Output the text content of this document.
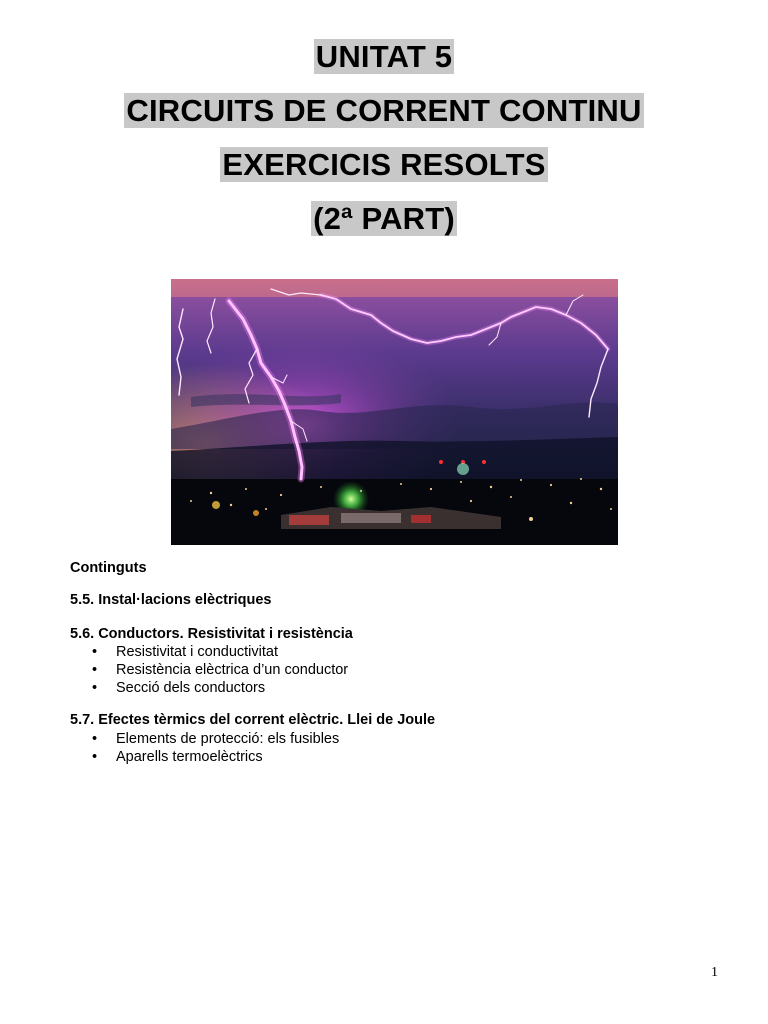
UNITAT 5
CIRCUITS DE CORRENT CONTINU
EXERCICIS RESOLTS
(2ª PART)
Continguts
5.5. Instal·lacions elèctriques
5.6. Conductors. Resistivitat i resistència
• Resistivitat i conductivitat
• Resistència elèctrica d’un conductor
• Secció dels conductors
5.7. Efectes tèrmics del corrent elèctric. Llei de Joule
• Elements de protecció: els fusibles
• Aparells termoelèctrics
1
